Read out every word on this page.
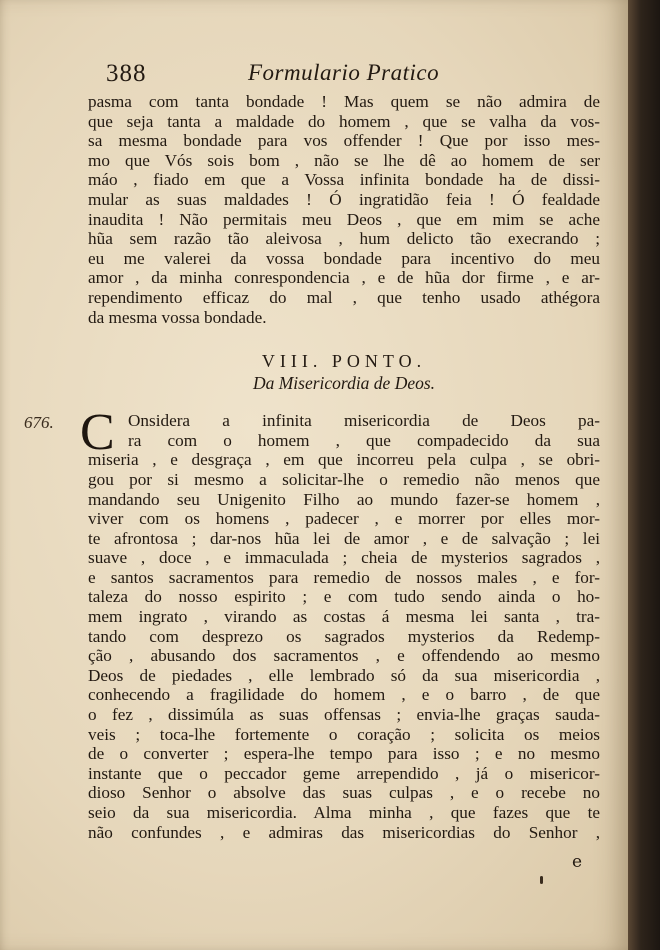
388	Formulario Pratico
pasma com tanta bondade ! Mas quem se não admira de
que seja tanta a maldade do homem , que se valha da vos-
sa mesma bondade para vos offender ! Que por isso mes-
mo que Vós sois bom , não se lhe dê ao homem de ser
máo , fiado em que a Vossa infinita bondade ha de dissi-
mular as suas maldades ! Ó ingratidão feia ! Ó fealdade
inaudita ! Não permitais meu Deos , que em mim se ache
hũa sem razão tão aleivosa , hum delicto tão execrando ;
eu me valerei da vossa bondade para incentivo do meu
amor , da minha conrespondencia , e de hũa dor firme , e ar-
rependimento efficaz do mal , que tenho usado athégora
da mesma vossa bondade.
VIII. PONTO.
Da Misericordia de Deos.
676. C Onsidera a infinita misericordia de Deos pa-
ra com o homem , que compadecido da sua
miseria , e desgraça , em que incorreu pela culpa , se obri-
gou por si mesmo a solicitar-lhe o remedio não menos que
mandando seu Unigenito Filho ao mundo fazer-se homem ,
viver com os homens , padecer , e morrer por elles mor-
te afrontosa ; dar-nos hũa lei de amor , e de salvação ; lei
suave , doce , e immaculada ; cheia de mysterios sagrados ,
e santos sacramentos para remedio de nossos males , e for-
taleza do nosso espirito ; e com tudo sendo ainda o ho-
mem ingrato , virando as costas á mesma lei santa , tra-
tando com desprezo os sagrados mysterios da Redemp-
ção , abusando dos sacramentos , e offendendo ao mesmo
Deos de piedades , elle lembrado só da sua misericordia ,
conhecendo a fragilidade do homem , e o barro , de que
o fez , dissimúla as suas offensas ; envia-lhe graças sauda-
veis ; toca-lhe fortemente o coração ; solicita os meios
de o converter ; espera-lhe tempo para isso ; e no mesmo
instante que o peccador geme arrependido , já o misericor-
dioso Senhor o absolve das suas culpas , e o recebe no
seio da sua misericordia. Alma minha , que fazes que te
não confundes , e admiras das misericordias do Senhor ,
e
